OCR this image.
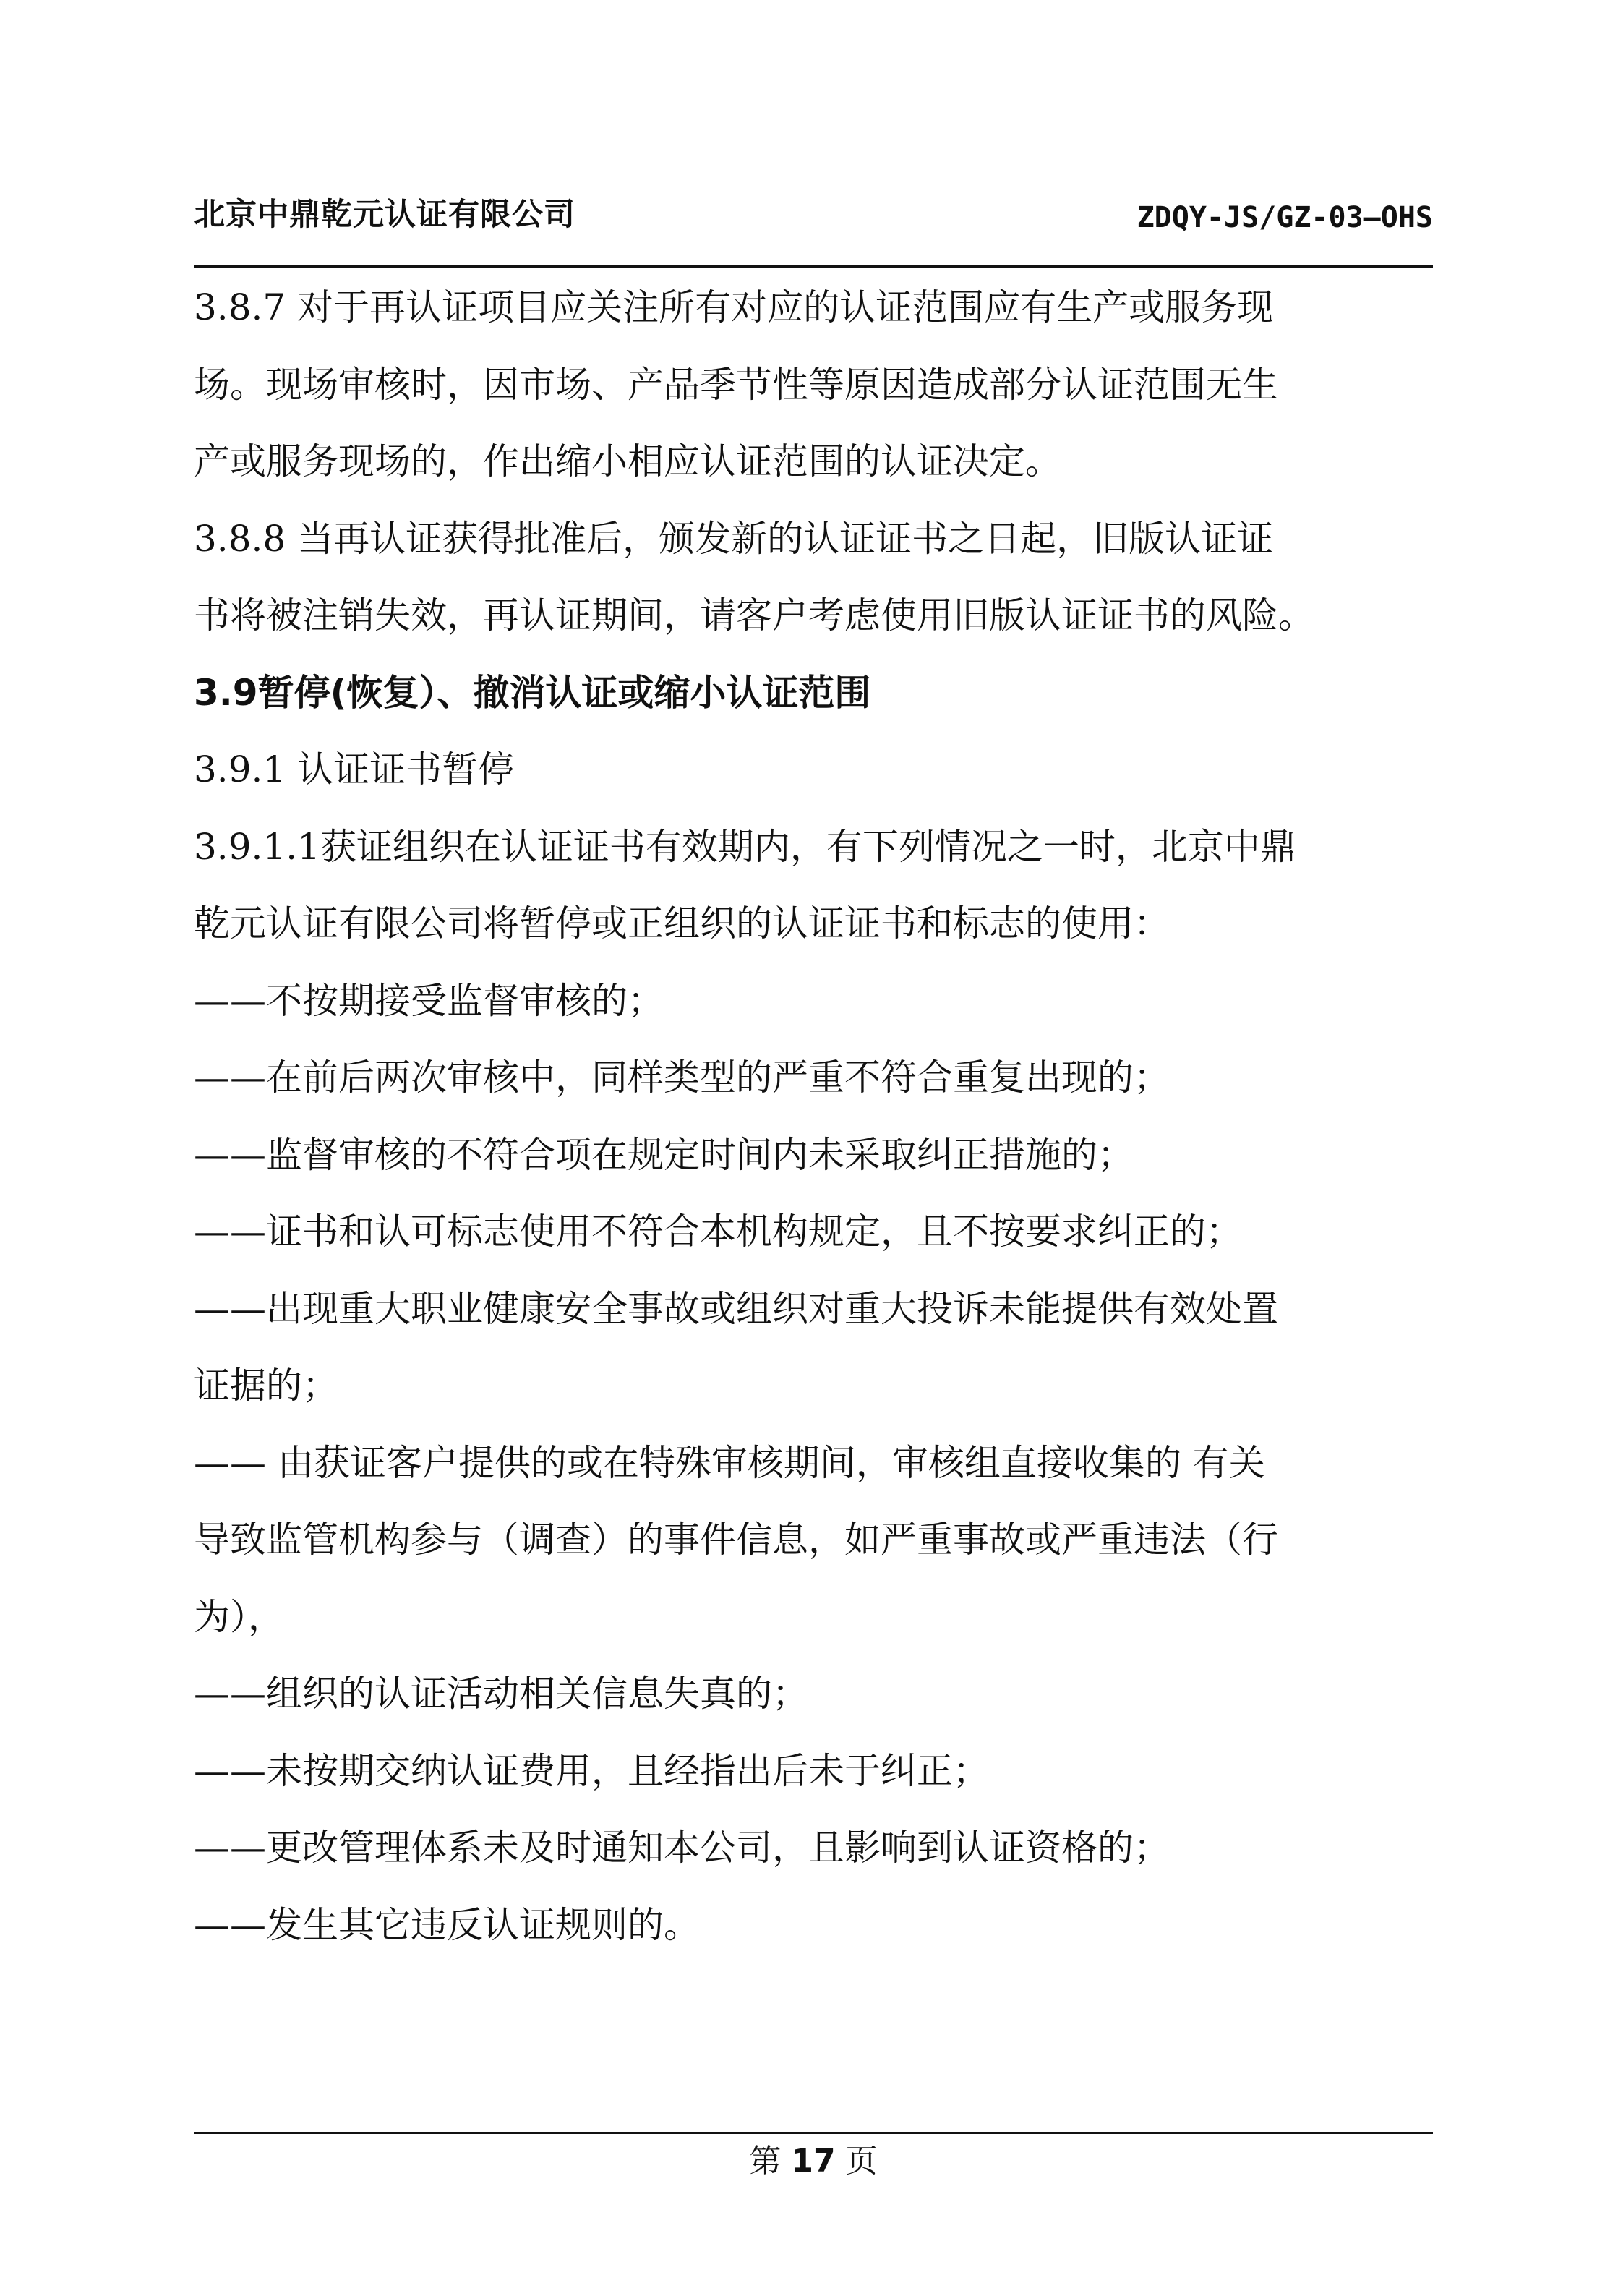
北京中鼎乾元认证有限公司	ZDQY-JS/GZ-03—OHS
3.8.7 对于再认证项目应关注所有对应的认证范围应有生产或服务现
场。现场审核时，因市场、产品季节性等原因造成部分认证范围无生
产或服务现场的，作出缩小相应认证范围的认证决定。
3.8.8 当再认证获得批准后，颁发新的认证证书之日起，旧版认证证
书将被注销失效，再认证期间，请客户考虑使用旧版认证证书的风险。
3.9暂停(恢复）、撤消认证或缩小认证范围
3.9.1 认证证书暂停
3.9.1.1获证组织在认证证书有效期内，有下列情况之一时，北京中鼎
乾元认证有限公司将暂停或正组织的认证证书和标志的使用：
——不按期接受监督审核的；
——在前后两次审核中，同样类型的严重不符合重复出现的；
——监督审核的不符合项在规定时间内未采取纠正措施的；
——证书和认可标志使用不符合本机构规定，且不按要求纠正的；
——出现重大职业健康安全事故或组织对重大投诉未能提供有效处置
证据的；
—— 由获证客户提供的或在特殊审核期间，审核组直接收集的 有关
导致监管机构参与（调查）的事件信息，如严重事故或严重违法（行
为），
——组织的认证活动相关信息失真的；
——未按期交纳认证费用，且经指出后未于纠正；
——更改管理体系未及时通知本公司，且影响到认证资格的；
——发生其它违反认证规则的。
第 17 页
